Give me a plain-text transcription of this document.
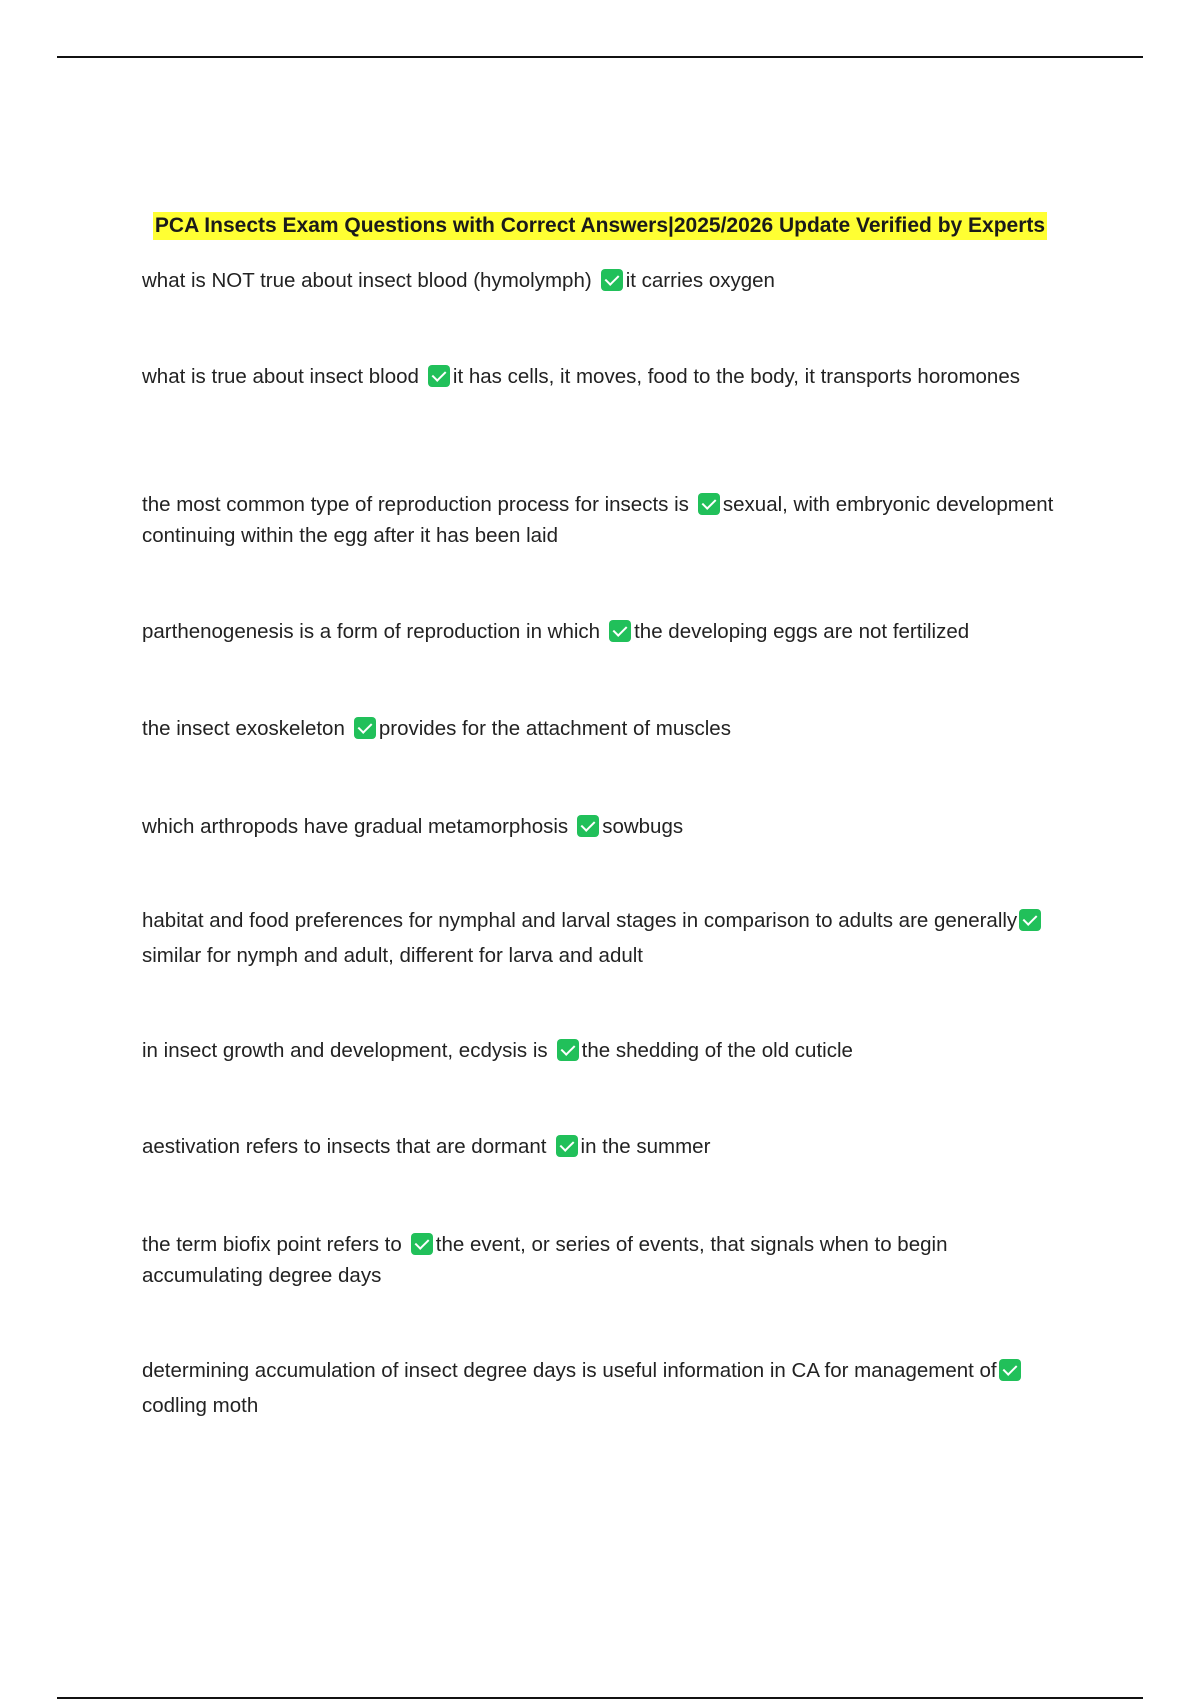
PCA Insects Exam Questions with Correct Answers|2025/2026 Update Verified by Experts
what is NOT true about insect blood (hymolymph) it carries oxygen
what is true about insect blood it has cells, it moves, food to the body, it transports horomones
the most common type of reproduction process for insects is sexual, with embryonic development continuing within the egg after it has been laid
parthenogenesis is a form of reproduction in which the developing eggs are not fertilized
the insect exoskeleton provides for the attachment of muscles
which arthropods have gradual metamorphosis sowbugs
habitat and food preferences for nymphal and larval stages in comparison to adults are generallysimilar for nymph and adult, different for larva and adult
in insect growth and development, ecdysis is the shedding of the old cuticle
aestivation refers to insects that are dormant in the summer
the term biofix point refers to the event, or series of events, that signals when to begin accumulating degree days
determining accumulation of insect degree days is useful information in CA for management ofcodling moth
